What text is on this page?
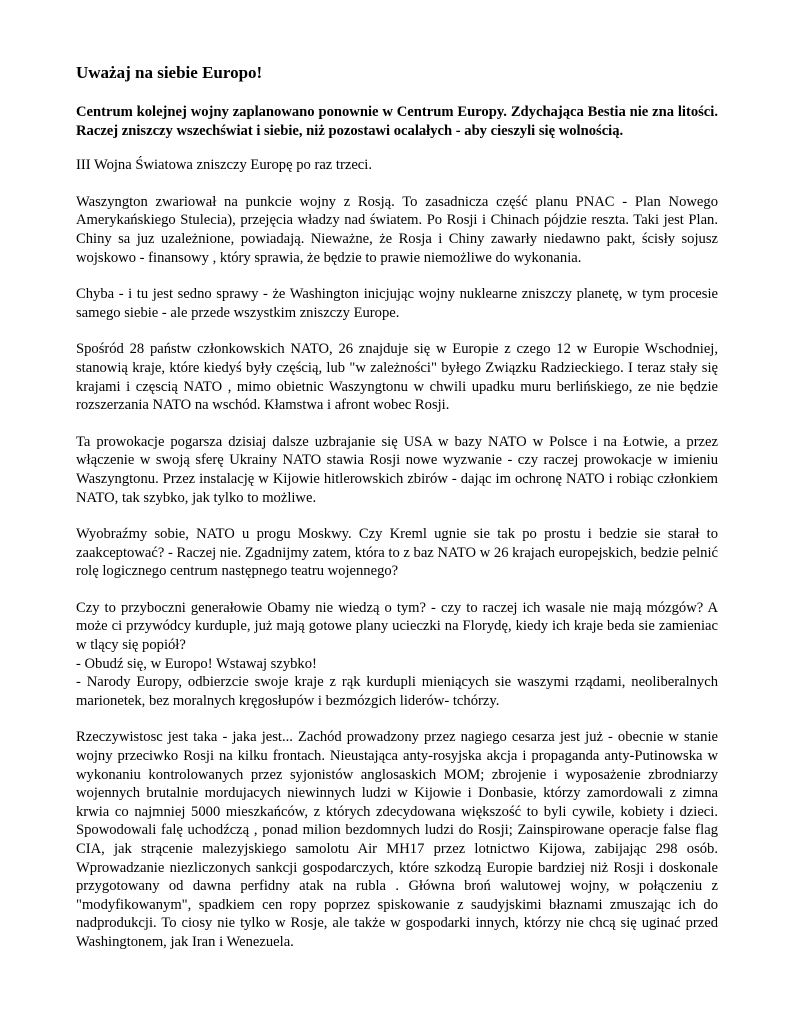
Uważaj na siebie Europo!

Centrum kolejnej wojny zaplanowano ponownie w Centrum Europy. Zdychająca Bestia nie zna litości. Raczej zniszczy wszechświat i siebie, niż pozostawi ocalałych - aby cieszyli się wolnością.

III Wojna Światowa zniszczy Europę po raz trzeci.

Waszyngton zwariował na punkcie wojny z Rosją. To zasadnicza część planu PNAC - Plan Nowego Amerykańskiego Stulecia), przejęcia władzy nad światem. Po Rosji i Chinach pójdzie reszta. Taki jest Plan. Chiny sa juz uzależnione, powiadają. Nieważne, że Rosja i Chiny zawarły niedawno pakt, ścisły sojusz wojskowo - finansowy , który sprawia, że będzie to prawie niemożliwe do wykonania.

Chyba - i tu jest sedno sprawy - że Washington inicjując wojny nuklearne zniszczy planetę, w tym procesie samego siebie - ale przede wszystkim zniszczy Europe.

Spośród 28 państw członkowskich NATO, 26 znajduje się w Europie z czego 12 w Europie Wschodniej, stanowią kraje, które kiedyś były częścią, lub "w zależności" byłego Związku Radzieckiego. I teraz stały się krajami i częscią NATO , mimo obietnic Waszyngtonu w chwili upadku muru berlińskiego, ze nie będzie rozszerzania NATO na wschód. Kłamstwa i afront wobec Rosji.

Ta prowokacje pogarsza dzisiaj dalsze uzbrajanie się USA w bazy NATO w Polsce i na Łotwie, a przez włączenie w swoją sferę Ukrainy NATO stawia Rosji nowe wyzwanie - czy raczej prowokacje w imieniu Waszyngtonu. Przez instalację w Kijowie hitlerowskich zbirów - dając im ochronę NATO i robiąc członkiem NATO, tak szybko, jak tylko to możliwe.

Wyobraźmy sobie, NATO u progu Moskwy. Czy Kreml ugnie sie tak po prostu i bedzie sie starał to zaakceptować? - Raczej nie. Zgadnijmy zatem, która to z baz NATO w 26 krajach europejskich, bedzie pelnić rolę logicznego centrum następnego teatru wojennego?

Czy to przyboczni generałowie Obamy nie wiedzą o tym? - czy to raczej ich wasale nie mają mózgów? A może ci przywódcy kurduple, już mają gotowe plany ucieczki na Florydę, kiedy ich kraje beda sie zamieniac w tlący się popiół?

- Obudź się, w Europo! Wstawaj szybko!

- Narody Europy, odbierzcie swoje kraje z rąk kurdupli mieniących sie waszymi rządami, neoliberalnych marionetek, bez moralnych kręgosłupów i bezmózgich liderów- tchórzy.

Rzeczywistosc jest taka - jaka jest... Zachód prowadzony przez nagiego cesarza jest już - obecnie w stanie wojny przeciwko Rosji na kilku frontach. Nieustająca anty-rosyjska akcja i propaganda anty-Putinowska w wykonaniu kontrolowanych przez syjonistów anglosaskich MOM; zbrojenie i wyposażenie zbrodniarzy wojennych brutalnie mordujacych niewinnych ludzi w Kijowie i Donbasie, którzy zamordowali z zimna krwia co najmniej 5000 mieszkańców, z których zdecydowana większość to byli cywile, kobiety i dzieci. Spowodowali falę uchodźczą , ponad milion bezdomnych ludzi do Rosji; Zainspirowane operacje false flag CIA, jak strącenie malezyjskiego samolotu Air MH17 przez lotnictwo Kijowa, zabijając 298 osób. Wprowadzanie niezliczonych sankcji gospodarczych, które szkodzą Europie bardziej niż Rosji i doskonale przygotowany od dawna perfidny atak na rubla . Główna broń walutowej wojny, w połączeniu z "modyfikowanym", spadkiem cen ropy poprzez spiskowanie z saudyjskimi błaznami zmuszając ich do nadprodukcji. To ciosy nie tylko w Rosje, ale także w gospodarki innych, którzy nie chcą się uginać przed Washingtonem, jak Iran i Wenezuela.
